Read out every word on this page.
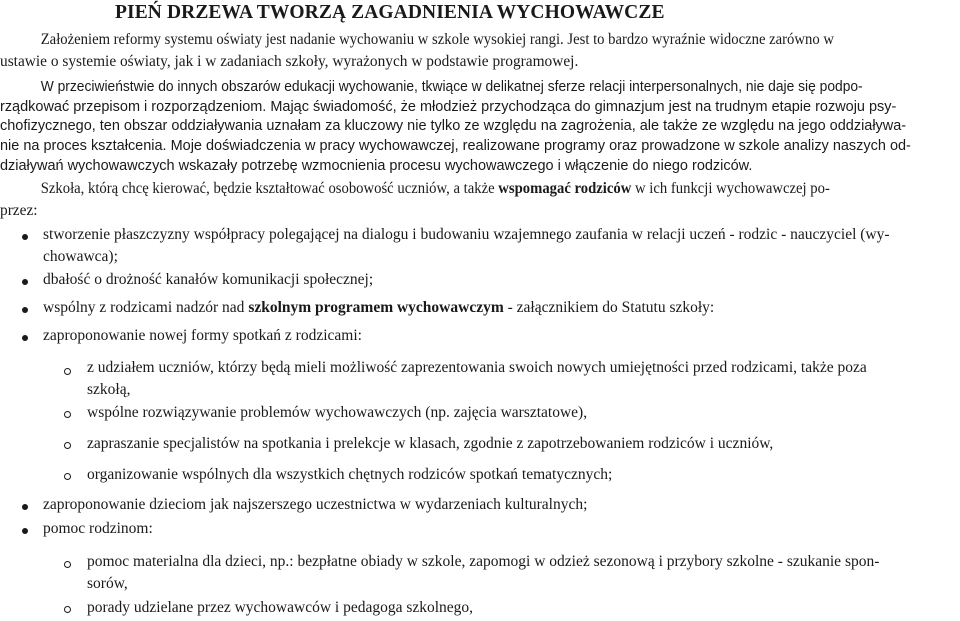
PIEŃ DRZEWA TWORZĄ ZAGADNIENIA WYCHOWAWCZE
Założeniem reformy systemu oświaty jest nadanie wychowaniu w szkole wysokiej rangi. Jest to bardzo wyraźnie widoczne zarówno w
ustawie o systemie oświaty, jak i w zadaniach szkoły, wyrażonych w podstawie programowej.
W przeciwieństwie do innych obszarów edukacji wychowanie, tkwiące w delikatnej sferze relacji interpersonalnych, nie daje się podpo-
rządkować przepisom i rozporządzeniom. Mając świadomość, że młodzież przychodząca do gimnazjum jest na trudnym etapie rozwoju psy-
chofizycznego, ten obszar oddziaływania uznałam za kluczowy nie tylko ze względu na zagrożenia, ale także ze względu na jego oddziaływa-
nie na proces kształcenia. Moje doświadczenia w pracy wychowawczej, realizowane programy oraz prowadzone w szkole analizy naszych od-
działywań wychowawczych wskazały potrzebę wzmocnienia procesu wychowawczego i włączenie do niego rodziców.
Szkoła, którą chcę kierować, będzie kształtować osobowość uczniów, a także wspomagać rodziców w ich funkcji wychowawczej po-
przez:
stworzenie płaszczyzny współpracy polegającej na dialogu i budowaniu wzajemnego zaufania w relacji uczeń - rodzic - nauczyciel (wy-
chowawca);
dbałość o drożność kanałów komunikacji społecznej;
wspólny z rodzicami nadzór nad szkolnym programem wychowawczym - załącznikiem do Statutu szkoły:
zaproponowanie nowej formy spotkań z rodzicami:
z udziałem uczniów, którzy będą mieli możliwość zaprezentowania swoich nowych umiejętności przed rodzicami, także poza
szkołą,
wspólne rozwiązywanie problemów wychowawczych (np. zajęcia warsztatowe),
zapraszanie specjalistów na spotkania i prelekcje w klasach, zgodnie z zapotrzebowaniem rodziców i uczniów,
organizowanie wspólnych dla wszystkich chętnych rodziców spotkań tematycznych;
zaproponowanie dzieciom jak najszerszego uczestnictwa w wydarzeniach kulturalnych;
pomoc rodzinom:
pomoc materialna dla dzieci, np.: bezpłatne obiady w szkole, zapomogi w odzież sezonową i przybory szkolne - szukanie spon-
sorów,
porady udzielane przez wychowawców i pedagoga szkolnego,
